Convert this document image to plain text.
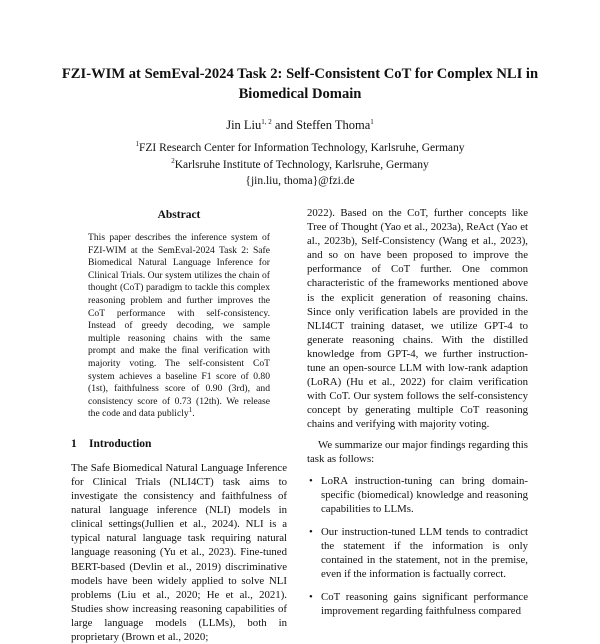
FZI-WIM at SemEval-2024 Task 2: Self-Consistent CoT for Complex NLI in Biomedical Domain
Jin Liu$^{1, 2}$ and Steffen Thoma$^1$
$^1$FZI Research Center for Information Technology, Karlsruhe, Germany
$^2$Karlsruhe Institute of Technology, Karlsruhe, Germany
{jin.liu, thoma}@fzi.de
Abstract

This paper describes the inference system of FZI-WIM at the SemEval-2024 Task 2: Safe Biomedical Natural Language Inference for Clinical Trials. Our system utilizes the chain of thought (CoT) paradigm to tackle this complex reasoning problem and further improves the CoT performance with self-consistency. Instead of greedy decoding, we sample multiple reasoning chains with the same prompt and make the final verification with majority voting. The self-consistent CoT system achieves a baseline F1 score of 0.80 (1st), faithfulness score of 0.90 (3rd), and consistency score of 0.73 (12th). We release the code and data publicly$^1$.

1 Introduction

The Safe Biomedical Natural Language Inference for Clinical Trials (NLI4CT) task aims to investigate the consistency and faithfulness of natural language inference (NLI) models in clinical settings(Jullien et al., 2024). NLI is a typical natural language task requiring natural language reasoning (Yu et al., 2023). Fine-tuned BERT-based (Devlin et al., 2019) discriminative models have been widely applied to solve NLI problems (Liu et al., 2020; He et al., 2021). Studies show increasing reasoning capabilities of large language models (LLMs), both in proprietary (Brown et al., 2020;

2022). Based on the CoT, further concepts like Tree of Thought (Yao et al., 2023a), ReAct (Yao et al., 2023b), Self-Consistency (Wang et al., 2023), and so on have been proposed to improve the performance of CoT further. One common characteristic of the frameworks mentioned above is the explicit generation of reasoning chains. Since only verification labels are provided in the NLI4CT training dataset, we utilize GPT-4 to generate reasoning chains. With the distilled knowledge from GPT-4, we further instruction-tune an open-source LLM with low-rank adaption (LoRA) (Hu et al., 2022) for claim verification with CoT. Our system follows the self-consistency concept by generating multiple CoT reasoning chains and verifying with majority voting.

We summarize our major findings regarding this task as follows:

• LoRA instruction-tuning can bring domain-specific (biomedical) knowledge and reasoning capabilities to LLMs.
• Our instruction-tuned LLM tends to contradict the statement if the information is only contained in the statement, not in the premise, even if the information is factually correct.
• CoT reasoning gains significant performance improvement regarding faithfulness compared
